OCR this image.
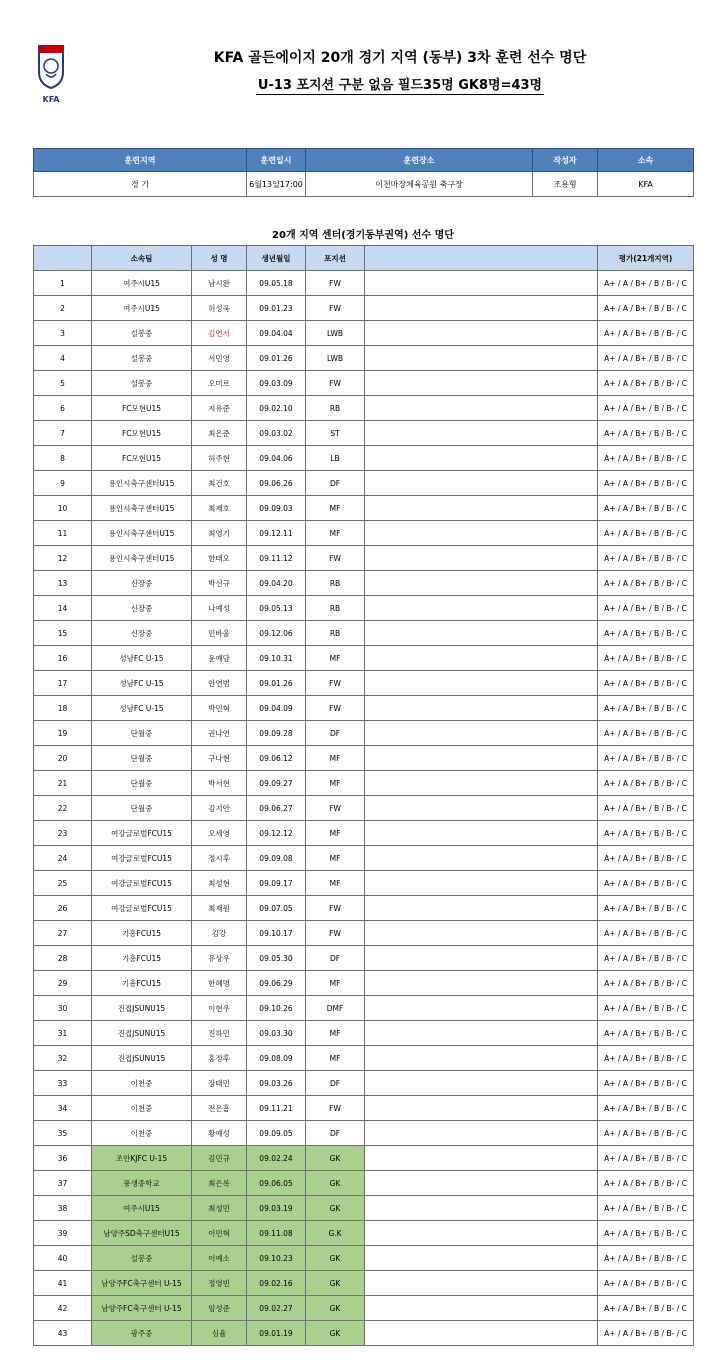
KFA
KFA 골든에이지 20개 경기 지역 (동부) 3차 훈련 선수 명단
U-13 포지션 구분 없음 필드35명 GK8명=43명
훈련지역	훈련일시	훈련장소	작성자	소속
경 기	6월13일17:00	이천마장체육공원 축구장	조용형	KFA
20개 지역 센터(경기동부권역) 선수 명단
	소속팀	성 명	생년월일	포지션		평가(21개지역)
1	여주시U15	남시완	09.05.18	FW		A+ / A / B+ / B / B- / C
2	여주시U15	허성욱	09.01.23	FW		A+ / A / B+ / B / B- / C
3	설봉중	김연서	09.04.04	LWB		A+ / A / B+ / B / B- / C
4	설봉중	서민영	09.01.26	LWB		A+ / A / B+ / B / B- / C
5	설봉중	오미르	09.03.09	FW		A+ / A / B+ / B / B- / C
6	FC모현U15	지유준	09.02.10	RB		A+ / A / B+ / B / B- / C
7	FC모현U15	최은준	09.03.02	ST		A+ / A / B+ / B / B- / C
8	FC모현U15	허주현	09.04.06	LB		A+ / A / B+ / B / B- / C
9	용인시축구센터U15	최건호	09.06.26	DF		A+ / A / B+ / B / B- / C
10	용인시축구센터U15	최재호	09.09.03	MF		A+ / A / B+ / B / B- / C
11	용인시축구센터U15	최영기	09.12.11	MF		A+ / A / B+ / B / B- / C
12	용인시축구센터U15	한태오	09.11.12	FW		A+ / A / B+ / B / B- / C
13	신장중	박선규	09.04.20	RB		A+ / A / B+ / B / B- / C
14	신장중	나예성	09.05.13	RB		A+ / A / B+ / B / B- / C
15	신장중	민바울	09.12.06	RB		A+ / A / B+ / B / B- / C
16	성남FC U-15	윤예담	09.10.31	MF		A+ / A / B+ / B / B- / C
17	성남FC U-15	안연범	09.01.26	FW		A+ / A / B+ / B / B- / C
18	성남FC U-15	박민혁	09.04.09	FW		A+ / A / B+ / B / B- / C
19	단월중	권나연	09.09.28	DF		A+ / A / B+ / B / B- / C
20	단월중	구나현	09.06.12	MF		A+ / A / B+ / B / B- / C
21	단월중	박서현	09.09.27	MF		A+ / A / B+ / B / B- / C
22	단월중	김지안	09.06.27	FW		A+ / A / B+ / B / B- / C
23	여강글로벌FCU15	오세영	09.12.12	MF		A+ / A / B+ / B / B- / C
24	여강글로벌FCU15	정시후	09.09.08	MF		A+ / A / B+ / B / B- / C
25	여강글로벌FCU15	최성현	09.09.17	MF		A+ / A / B+ / B / B- / C
26	여강글로벌FCU15	최재원	09.07.05	FW		A+ / A / B+ / B / B- / C
27	기흥FCU15	김강	09.10.17	FW		A+ / A / B+ / B / B- / C
28	기흥FCU15	유상우	09.05.30	DF		A+ / A / B+ / B / B- / C
29	기흥FCU15	한혜명	09.06.29	MF		A+ / A / B+ / B / B- / C
30	진접JSUNU15	이현우	09.10.26	DMF		A+ / A / B+ / B / B- / C
31	진접JSUNU15	진하민	09.03.30	MF		A+ / A / B+ / B / B- / C
32	진접JSUNU15	홍정후	09.08.09	MF		A+ / A / B+ / B / B- / C
33	이천중	장태민	09.03.26	DF		A+ / A / B+ / B / B- / C
34	이천중	전은흠	09.11.21	FW		A+ / A / B+ / B / B- / C
35	이천중	황예성	09.09.05	DF		A+ / A / B+ / B / B- / C
36	조안KJFC U-15	김민규	09.02.24	GK		A+ / A / B+ / B / B- / C
37	풍생중학교	최은록	09.06.05	GK		A+ / A / B+ / B / B- / C
38	여주시U15	최성민	09.03.19	GK		A+ / A / B+ / B / B- / C
39	남양주SD축구센터U15	이민혁	09.11.08	G.K		A+ / A / B+ / B / B- / C
40	설봉중	이예소	09.10.23	GK		A+ / A / B+ / B / B- / C
41	남양주FC축구센터 U-15	정영빈	09.02.16	GK		A+ / A / B+ / B / B- / C
42	남양주FC축구센터 U-15	임성준	09.02.27	GK		A+ / A / B+ / B / B- / C
43	광주중	심율	09.01.19	GK		A+ / A / B+ / B / B- / C
